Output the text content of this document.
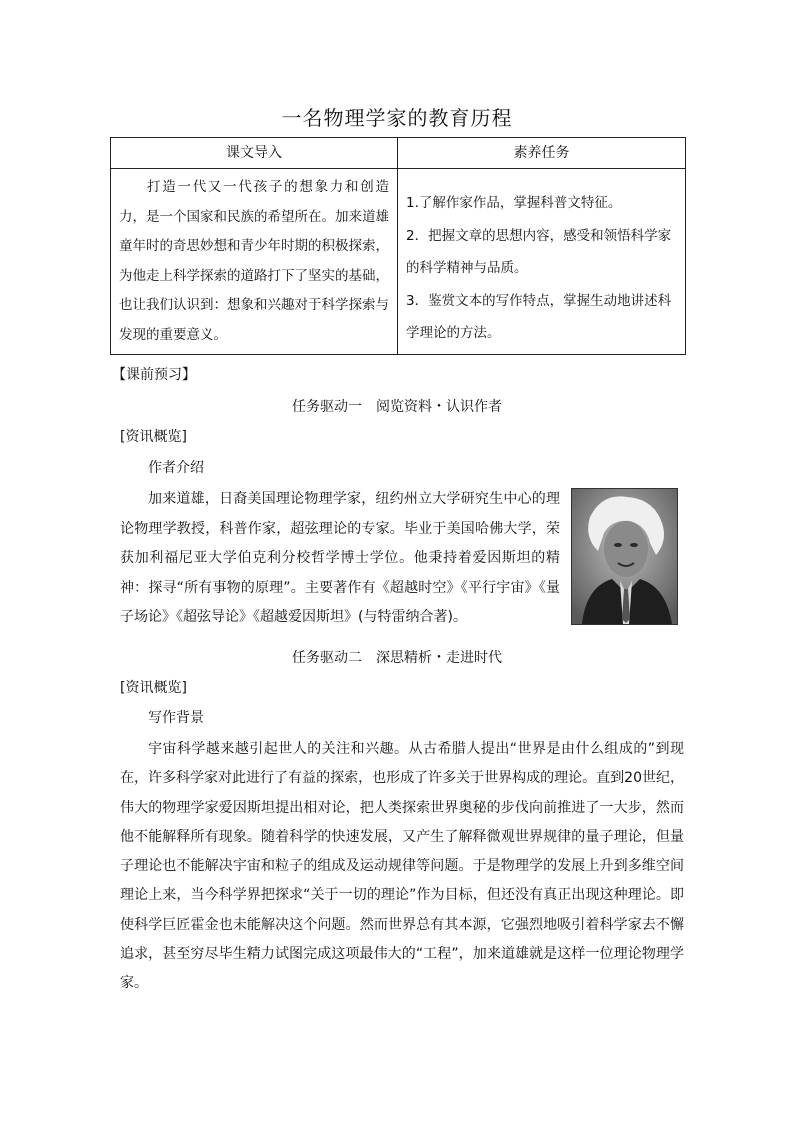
一名物理学家的教育历程
课文导入	素养任务
打造一代又一代孩子的想象力和创造力，是一个国家和民族的希望所在。加来道雄童年时的奇思妙想和青少年时期的积极探索，为他走上科学探索的道路打下了坚实的基础，也让我们认识到：想象和兴趣对于科学探索与发现的重要意义。	1.了解作家作品，掌握科普文特征。
2．把握文章的思想内容，感受和领悟科学家
的科学精神与品质。
3．鉴赏文本的写作特点，掌握生动地讲述科
学理论的方法。
【课前预习】
任务驱动一　阅览资料・认识作者
[资讯概览]
作者介绍
加来道雄，日裔美国理论物理学家，纽约州立大学研究生中心的理论物理学教授，科普作家，超弦理论的专家。毕业于美国哈佛大学，荣获加利福尼亚大学伯克利分校哲学博士学位。他秉持着爱因斯坦的精神：探寻“所有事物的原理”。主要著作有《超越时空》《平行宇宙》《量子场论》《超弦导论》《超越爱因斯坦》(与特雷纳合著)。
任务驱动二　深思精析・走进时代
[资讯概览]
写作背景
宇宙科学越来越引起世人的关注和兴趣。从古希腊人提出“世界是由什么组成的”到现在，许多科学家对此进行了有益的探索，也形成了许多关于世界构成的理论。直到20世纪，伟大的物理学家爱因斯坦提出相对论，把人类探索世界奥秘的步伐向前推进了一大步，然而他不能解释所有现象。随着科学的快速发展，又产生了解释微观世界规律的量子理论，但量子理论也不能解决宇宙和粒子的组成及运动规律等问题。于是物理学的发展上升到多维空间理论上来，当今科学界把探求“关于一切的理论”作为目标，但还没有真正出现这种理论。即使科学巨匠霍金也未能解决这个问题。然而世界总有其本源，它强烈地吸引着科学家去不懈追求，甚至穷尽毕生精力试图完成这项最伟大的“工程”，加来道雄就是这样一位理论物理学家。
